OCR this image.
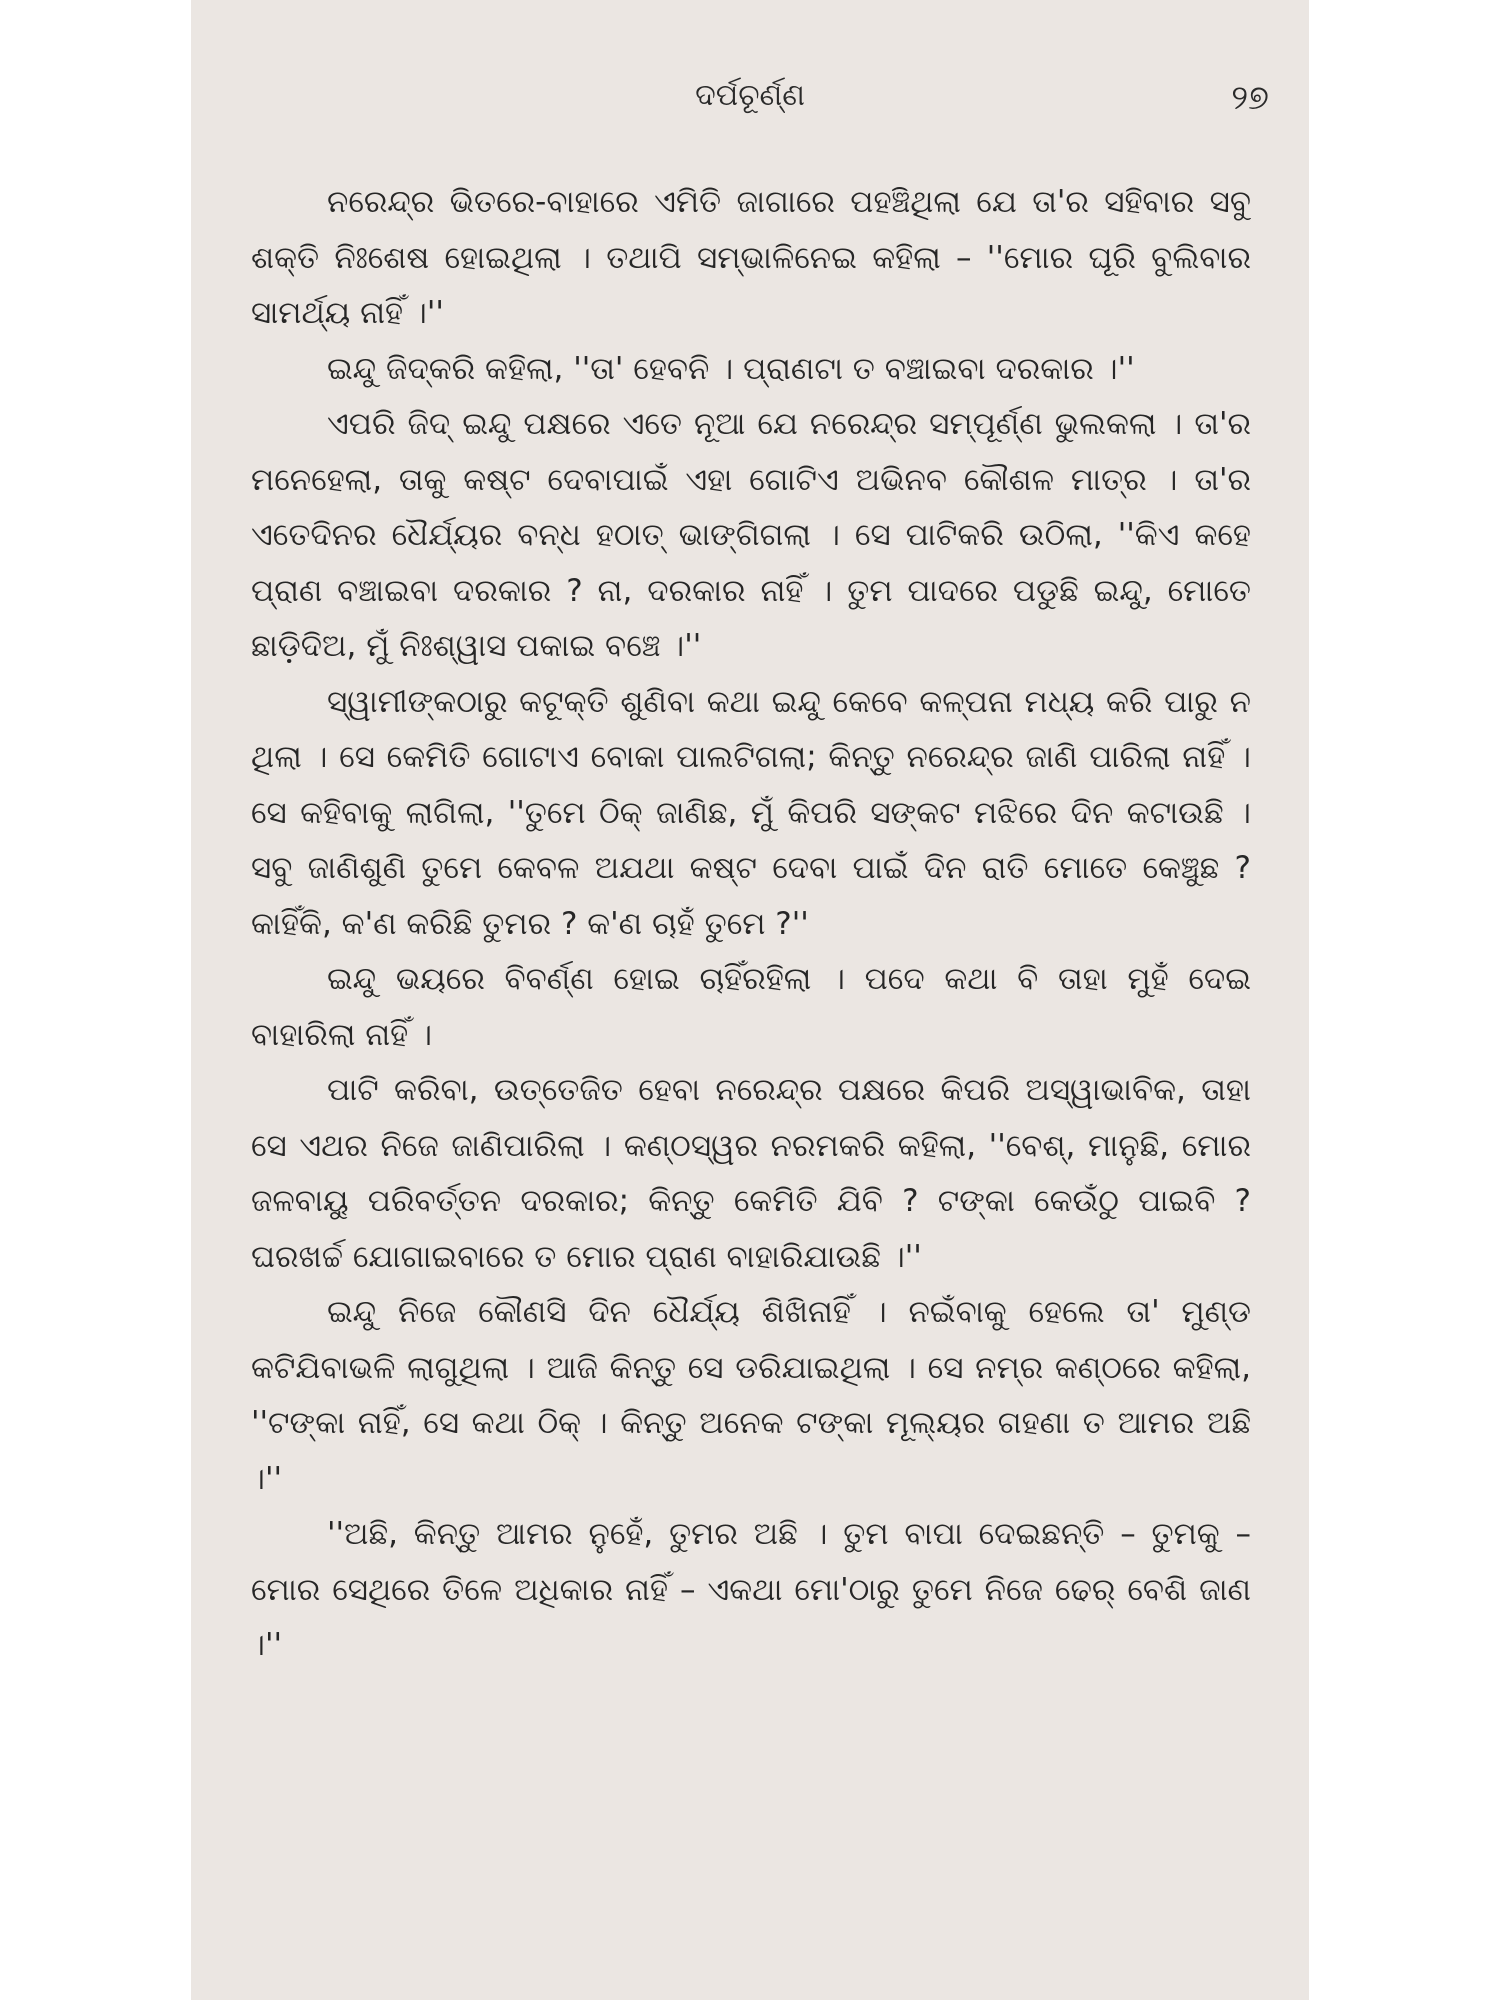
ଦର୍ପଚୂର୍ଣ୍ଣ	୨୭

ନରେନ୍ଦ୍ର ଭିତରେ-ବାହାରେ ଏମିତି ଜାଗାରେ ପହଞ୍ଚିଥିଲା ଯେ ତା'ର ସହିବାର ସବୁ ଶକ୍ତି ନିଃଶେଷ ହୋଇଥିଲା । ତଥାପି ସମ୍ଭାଳିନେଇ କହିଲା – ''ମୋର ଘୂରି ବୁଲିବାର ସାମର୍ଥ୍ୟ ନାହିଁ ।''

ଇନ୍ଦୁ ଜିଦ୍‌କରି କହିଲା, ''ତା' ହେବନି । ପ୍ରାଣଟା ତ ବଞ୍ଚାଇବା ଦରକାର ।''

ଏପରି ଜିଦ୍ ଇନ୍ଦୁ ପକ୍ଷରେ ଏତେ ନୂଆ ଯେ ନରେନ୍ଦ୍ର ସମ୍ପୂର୍ଣ୍ଣ ଭୁଲକଲା । ତା'ର ମନେହେଲା, ତାକୁ କଷ୍ଟ ଦେବାପାଇଁ ଏହା ଗୋଟିଏ ଅଭିନବ କୌଶଳ ମାତ୍ର । ତା'ର ଏତେଦିନର ଧୈର୍ଯ୍ୟର ବନ୍ଧ ହଠାତ୍ ଭାଙ୍ଗିଗଲା । ସେ ପାଟିକରି ଉଠିଲା, ''କିଏ କହେ ପ୍ରାଣ ବଞ୍ଚାଇବା ଦରକାର ? ନା, ଦରକାର ନାହିଁ । ତୁମ ପାଦରେ ପଡୁଛି ଇନ୍ଦୁ, ମୋତେ ଛାଡ଼ିଦିଅ, ମୁଁ ନିଃଶ୍ୱାସ ପକାଇ ବଞ୍ଚେ ।''

ସ୍ୱାମୀଙ୍କଠାରୁ କଟୂକ୍ତି ଶୁଣିବା କଥା ଇନ୍ଦୁ କେବେ କଳ୍ପନା ମଧ୍ୟ କରି ପାରୁ ନ ଥିଲା । ସେ କେମିତି ଗୋଟାଏ ବୋକା ପାଲଟିଗଲା; କିନ୍ତୁ ନରେନ୍ଦ୍ର ଜାଣି ପାରିଲା ନାହିଁ । ସେ କହିବାକୁ ଲାଗିଲା, ''ତୁମେ ଠିକ୍ ଜାଣିଛ, ମୁଁ କିପରି ସଙ୍କଟ ମଝିରେ ଦିନ କଟାଉଛି । ସବୁ ଜାଣିଶୁଣି ତୁମେ କେବଳ ଅଯଥା କଷ୍ଟ ଦେବା ପାଇଁ ଦିନ ରାତି ମୋତେ କେଞ୍ଚୁଛ ? କାହିଁକି, କ'ଣ କରିଛି ତୁମର ? କ'ଣ ଚାହଁ ତୁମେ ?''

ଇନ୍ଦୁ ଭୟରେ ବିବର୍ଣ୍ଣ ହୋଇ ଚାହିଁରହିଲା । ପଦେ କଥା ବି ତାହା ମୁହଁ ଦେଇ ବାହାରିଲା ନାହିଁ ।

ପାଟି କରିବା, ଉତ୍ତେଜିତ ହେବା ନରେନ୍ଦ୍ର ପକ୍ଷରେ କିପରି ଅସ୍ୱାଭାବିକ, ତାହା ସେ ଏଥର ନିଜେ ଜାଣିପାରିଲା । କଣ୍ଠସ୍ୱର ନରମକରି କହିଲା, ''ବେଶ୍, ମାନୁଛି, ମୋର ଜଳବାୟୁ ପରିବର୍ତ୍ତନ ଦରକାର; କିନ୍ତୁ କେମିତି ଯିବି ? ଟଙ୍କା କେଉଁଠୁ ପାଇବି ? ଘରଖର୍ଚ୍ଚ ଯୋଗାଇବାରେ ତ ମୋର ପ୍ରାଣ ବାହାରିଯାଉଛି ।''

ଇନ୍ଦୁ ନିଜେ କୌଣସି ଦିନ ଧୈର୍ଯ୍ୟ ଶିଖିନାହିଁ । ନଇଁବାକୁ ହେଲେ ତା' ମୁଣ୍ଡ କଟିଯିବାଭଳି ଲାଗୁଥିଲା । ଆଜି କିନ୍ତୁ ସେ ଡରିଯାଇଥିଲା । ସେ ନମ୍ର କଣ୍ଠରେ କହିଲା, ''ଟଙ୍କା ନାହିଁ, ସେ କଥା ଠିକ୍ । କିନ୍ତୁ ଅନେକ ଟଙ୍କା ମୂଲ୍ୟର ଗହଣା ତ ଆମର ଅଛି ।''

''ଅଛି, କିନ୍ତୁ ଆମର ନୁହେଁ, ତୁମର ଅଛି । ତୁମ ବାପା ଦେଇଛନ୍ତି – ତୁମକୁ – ମୋର ସେଥିରେ ତିଳେ ଅଧିକାର ନାହିଁ – ଏକଥା ମୋ'ଠାରୁ ତୁମେ ନିଜେ ଢେର୍ ବେଶି ଜାଣ ।''
